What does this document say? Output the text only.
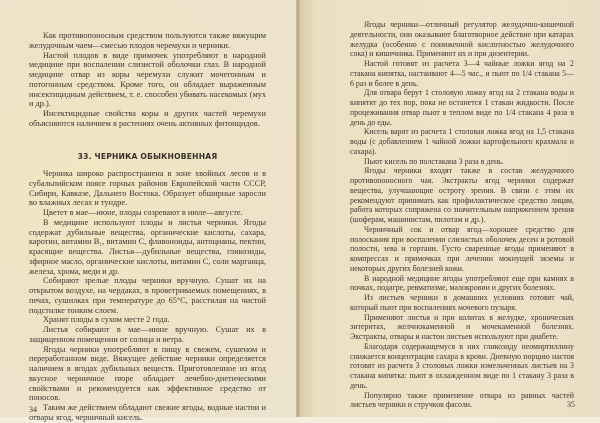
Как противопоносным средством пользуются также вяжущим желудочным чаем—смесью плодов черемухи и черники.

Настой плодов в виде примочек употребляют в народной медицине при воспалении слизистой оболочки глаз. В народной медицине отвар из коры черемухи служит мочегонным и потогонным средством. Кроме того, он обладает выраженным инсектицидным действием, т. е. способен убивать насекомых (мух и др.).

Инсектицидные свойства коры и других частей черемухи объясняются наличием в растениях очень активных фитонцидов.

33. ЧЕРНИКА ОБЫКНОВЕННАЯ

Черника широко распространена в зоне хвойных лесов и в субальпийском поясе горных районов Европейской части СССР, Сибири, Кавказе, Дальнего Востока. Образует обширные заросли во влажных лесах и тундре.

Цветет в мае—июне, плоды созревают в июле—августе.

В медицине используют плоды и листья черники. Ягоды содержат дубильные вещества, органические кислоты, сахара, каротин, витамин B₁, витамин C, флавоноиды, антоцианы, пектин, красящие вещества. Листья—дубильные вещества, гликозиды, эфирное масло, органические кислоты, витамин C, соли марганца, железа, хрома, меди и др.

Собирают зрелые плоды черники вручную. Сушат их на открытом воздухе, на чердаках, в проветриваемых помещениях, в печах, сушилках при температуре до 65°C, расстилая на чистой подстилке тонким слоем.

Хранят плоды в сухом месте 2 года.

Листья собирают в мае—июне вручную. Сушат их в защищенном помещении от солнца и ветра.

Ягоды черники употребляют в пищу в свежем, сушеном и переработанном виде. Вяжущее действие черники определяется наличием в ягодах дубильных веществ. Приготовленное из ягод вкусное черничное пюре обладает лечебно-диетическими свойствами и рекомендуется как эффективное средство от поносов.

Таким же действием обладают свежие ягоды, водные настои и отвары ягод, черничный кисель.

34

Ягоды черники—отличный регулятор желудочно-кишечной деятельности, они оказывают благотворное действие при катарах желудка (особенно с пониженной кислотностью желудочного сока) и кишечника. Применяют их и при дизентерии.

Настой готовят из расчета 3—4 чайные ложки ягод на 2 стакана кипятка, настаивают 4—5 час., и пьют по 1/4 стакана 5—6 раз и более в день.

Для отвара берут 1 столовую ложку ягод на 2 стакана воды и кипятят до тех пор, пока не останется 1 стакан жидкости. После процеживания отвар пьют в теплом виде по 1/4 стакана 4 раза в день до еды.

Кисель варят из расчета 1 столовая ложка ягод на 1,5 стакана воды (с добавлением 1 чайной ложки картофельного крахмала и сахара).

Пьют кисель по полстакана 3 раза в день.

Ягоды черники входят также в состав желудочного противопоносного чая. Экстракты ягод черники содержат вещества, улучшающие остроту зрения. В связи с этим их рекомендуют принимать как профилактическое средство лицам, работа которых сопряжена со значительным напряжением зрения (шоферам, машинистам, пилотам и др.).

Черничный сок и отвар ягод—хорошее средство для полоскания при воспалении слизистых оболочек десен и ротовой полости, зева и гортани. Густо сваренные ягоды применяют в компрессах и примочках при лечении мокнущей экземы и некоторых других болезней кожи.

В народной медицине ягоды употребляют еще при камнях в почках, подагре, ревматизме, малокровии и других болезнях.

Из листьев черники в домашних условиях готовят чай, который пьют при воспалениях мочевого пузыря.

Применяют листья и при колитах в желудке, хронических энтеритах, желчнокаменной и мочекаменной болезнях. Экстракты, отвары и настои листьев используют при диабете.

Благодаря содержащемуся в них гликозиду неомиртиллину снижается концентрация сахара в крови. Дневную порцию настоя готовят из расчета 3 столовых ложки измельченных листьев на 3 стакана кипятка: пьют в охлажденном виде по 1 стакану 3 раза в день.

Популярно также применение отвара из равных частей листьев черники и стручков фасоли.	35
